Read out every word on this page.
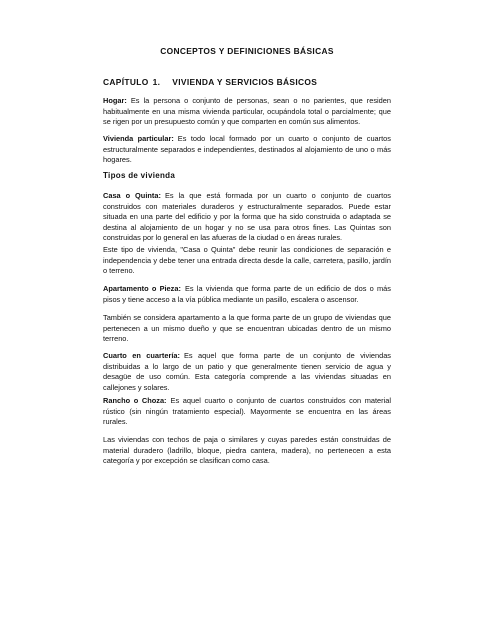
CONCEPTOS Y DEFINICIONES BÁSICAS
CAPÍTULO 1. VIVIENDA Y SERVICIOS BÁSICOS
Hogar: Es la persona o conjunto de personas, sean o no parientes, que residen habitualmente en una misma vivienda particular, ocupándola total o parcialmente; que se rigen por un presupuesto común y que comparten en común sus alimentos.
Vivienda particular: Es todo local formado por un cuarto o conjunto de cuartos estructuralmente separados e independientes, destinados al alojamiento de uno o más hogares.
Tipos de vivienda
Casa o Quinta: Es la que está formada por un cuarto o conjunto de cuartos construidos con materiales duraderos y estructuralmente separados. Puede estar situada en una parte del edificio y por la forma que ha sido construida o adaptada se destina al alojamiento de un hogar y no se usa para otros fines. Las Quintas son construidas por lo general en las afueras de la ciudad o en áreas rurales.
Este tipo de vivienda, "Casa o Quinta" debe reunir las condiciones de separación e independencia y debe tener una entrada directa desde la calle, carretera, pasillo, jardín o terreno.
Apartamento o Pieza: Es la vivienda que forma parte de un edificio de dos o más pisos y tiene acceso a la vía pública mediante un pasillo, escalera o ascensor.
También se considera apartamento a la que forma parte de un grupo de viviendas que pertenecen a un mismo dueño y que se encuentran ubicadas dentro de un mismo terreno.
Cuarto en cuartería: Es aquel que forma parte de un conjunto de viviendas distribuidas a lo largo de un patio y que generalmente tienen servicio de agua y desagüe de uso común. Esta categoría comprende a las viviendas situadas en callejones y solares.
Rancho o Choza: Es aquel cuarto o conjunto de cuartos construidos con material rústico (sin ningún tratamiento especial). Mayormente se encuentra en las áreas rurales.
Las viviendas con techos de paja o similares y cuyas paredes están construidas de material duradero (ladrillo, bloque, piedra cantera, madera), no pertenecen a esta categoría y por excepción se clasifican como casa.
